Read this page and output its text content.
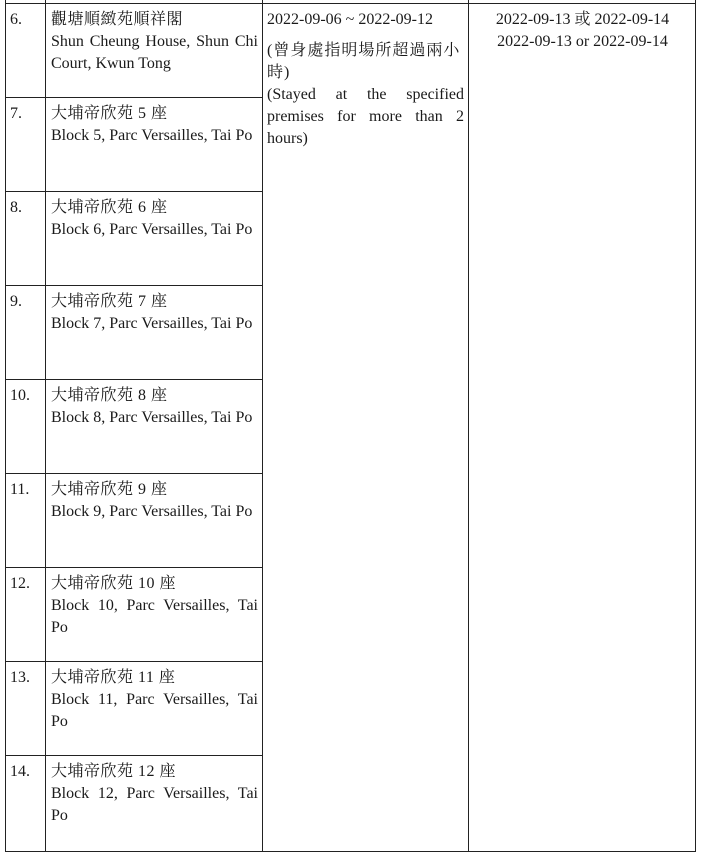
6.	觀塘順緻苑順祥閣
Shun Cheung House, Shun Chi Court, Kwun Tong
7.	大埔帝欣苑 5 座
Block 5, Parc Versailles, Tai Po
8.	大埔帝欣苑 6 座
Block 6, Parc Versailles, Tai Po
9.	大埔帝欣苑 7 座
Block 7, Parc Versailles, Tai Po
10.	大埔帝欣苑 8 座
Block 8, Parc Versailles, Tai Po
11.	大埔帝欣苑 9 座
Block 9, Parc Versailles, Tai Po
12.	大埔帝欣苑 10 座
Block 10, Parc Versailles, Tai Po
13.	大埔帝欣苑 11 座
Block 11, Parc Versailles, Tai Po
14.	大埔帝欣苑 12 座
Block 12, Parc Versailles, Tai Po
2022-09-06 ~ 2022-09-12
(曾身處指明場所超過兩小時)
(Stayed at the specified premises for more than 2 hours)
2022-09-13 或 2022-09-14
2022-09-13 or 2022-09-14
